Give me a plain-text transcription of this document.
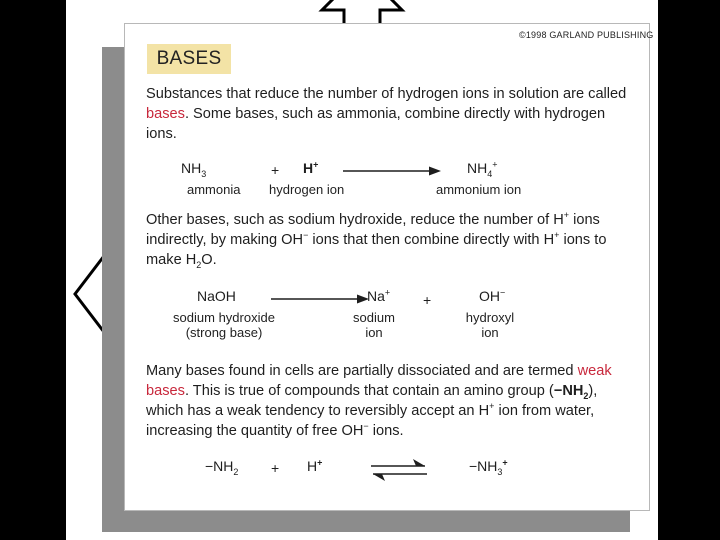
©1998 GARLAND PUBLISHING
BASES

Substances that reduce the number of hydrogen ions in solution are called bases. Some bases, such as ammonia, combine directly with hydrogen ions.

$NH_3$
ammonia
+ H+
hydrogen ion
$NH_4^+$
ammonium ion

Other bases, such as sodium hydroxide, reduce the number of H+ ions indirectly, by making OH− ions that then combine directly with H+ ions to make $H_2O$.

NaOH
sodium hydroxide
(strong base)
Na+
sodium
ion
+	OH−
hydroxyl
ion

Many bases found in cells are partially dissociated and are termed weak bases. This is true of compounds that contain an amino group $(-NH_2)$, which has a weak tendency to reversibly accept an H+ ion from water, increasing the quantity of free OH− ions.

$-NH_2 + H^+$	$-NH_3^+$
